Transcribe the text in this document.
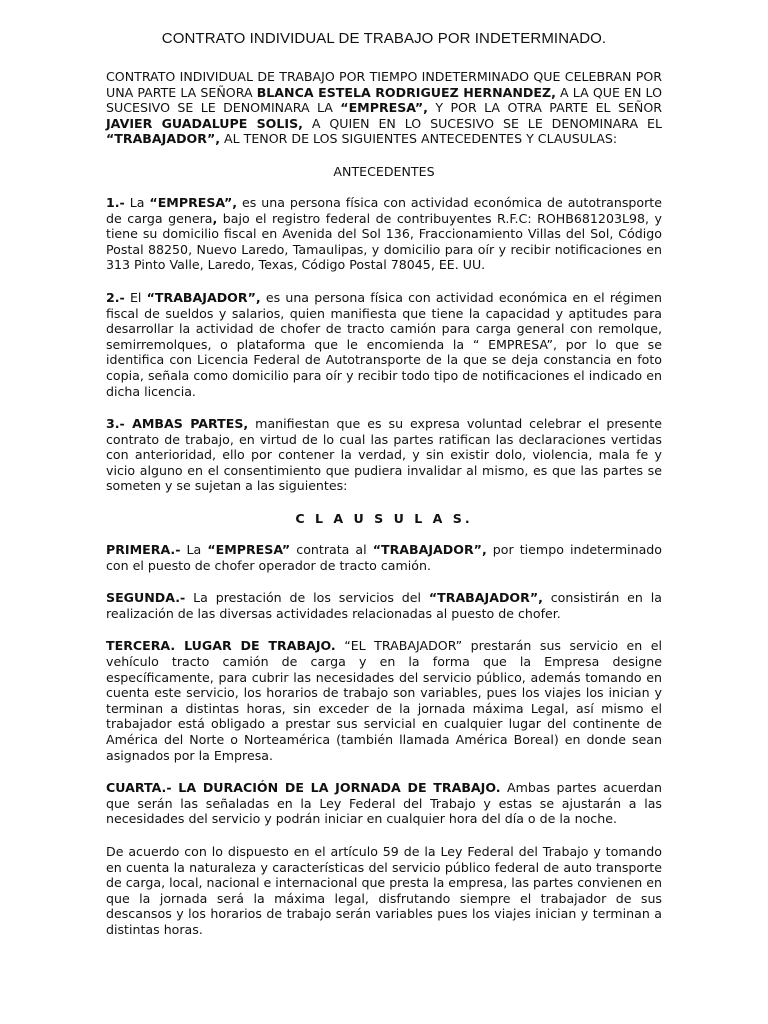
CONTRATO INDIVIDUAL DE TRABAJO POR INDETERMINADO.

CONTRATO INDIVIDUAL DE TRABAJO POR TIEMPO INDETERMINADO QUE CELEBRAN POR UNA PARTE LA SEÑORA BLANCA ESTELA RODRIGUEZ HERNANDEZ, A LA QUE EN LO SUCESIVO SE LE DENOMINARA LA “EMPRESA”, Y POR LA OTRA PARTE EL SEÑOR JAVIER GUADALUPE SOLIS, A QUIEN EN LO SUCESIVO SE LE DENOMINARA EL “TRABAJADOR”, AL TENOR DE LOS SIGUIENTES ANTECEDENTES Y CLAUSULAS:

ANTECEDENTES

1.- La “EMPRESA”, es una persona física con actividad económica de autotransporte de carga genera, bajo el registro federal de contribuyentes R.F.C: ROHB681203L98, y tiene su domicilio fiscal en Avenida del Sol 136, Fraccionamiento Villas del Sol, Código Postal 88250, Nuevo Laredo, Tamaulipas, y domicilio para oír y recibir notificaciones en 313 Pinto Valle, Laredo, Texas, Código Postal 78045, EE. UU.

2.- El “TRABAJADOR”, es una persona física con actividad económica en el régimen fiscal de sueldos y salarios, quien manifiesta que tiene la capacidad y aptitudes para desarrollar la actividad de chofer de tracto camión para carga general con remolque, semirremolques, o plataforma que le encomienda la “ EMPRESA”, por lo que se identifica con Licencia Federal de Autotransporte de la que se deja constancia en foto copia, señala como domicilio para oír y recibir todo tipo de notificaciones el indicado en dicha licencia.

3.- AMBAS PARTES, manifiestan que es su expresa voluntad celebrar el presente contrato de trabajo, en virtud de lo cual las partes ratifican las declaraciones vertidas con anterioridad, ello por contener la verdad, y sin existir dolo, violencia, mala fe y vicio alguno en el consentimiento que pudiera invalidar al mismo, es que las partes se someten y se sujetan a las siguientes:

C L A U S U L A S.

PRIMERA.- La “EMPRESA” contrata al “TRABAJADOR”, por tiempo indeterminado con el puesto de chofer operador de tracto camión.

SEGUNDA.- La prestación de los servicios del “TRABAJADOR”, consistirán en la realización de las diversas actividades relacionadas al puesto de chofer.

TERCERA. LUGAR DE TRABAJO. “EL TRABAJADOR” prestarán sus servicio en el vehículo tracto camión de carga y en la forma que la Empresa designe específicamente, para cubrir las necesidades del servicio público, además tomando en cuenta este servicio, los horarios de trabajo son variables, pues los viajes los inician y terminan a distintas horas, sin exceder de la jornada máxima Legal, así mismo el trabajador está obligado a prestar sus servicial en cualquier lugar del continente de América del Norte o Norteamérica (también llamada América Boreal) en donde sean asignados por la Empresa.

CUARTA.- LA DURACIÓN DE LA JORNADA DE TRABAJO. Ambas partes acuerdan que serán las señaladas en la Ley Federal del Trabajo y estas se ajustarán a las necesidades del servicio y podrán iniciar en cualquier hora del día o de la noche.

De acuerdo con lo dispuesto en el artículo 59 de la Ley Federal del Trabajo y tomando en cuenta la naturaleza y características del servicio público federal de auto transporte de carga, local, nacional e internacional que presta la empresa, las partes convienen en que la jornada será la máxima legal, disfrutando siempre el trabajador de sus descansos y los horarios de trabajo serán variables pues los viajes inician y terminan a distintas horas.
